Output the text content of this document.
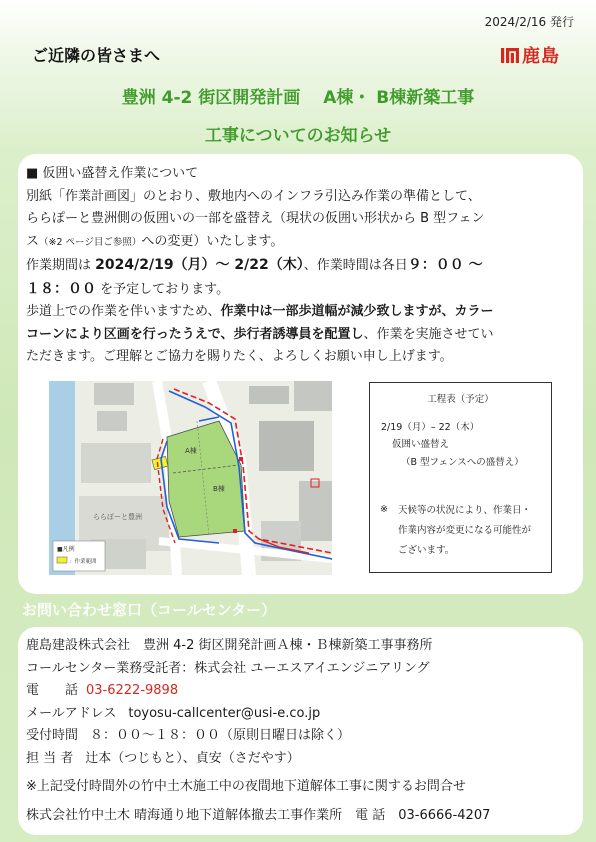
2024/2/16 発行
ご近隣の皆さまへ	鹿島
豊洲 4-2 街区開発計画　 A棟・ B棟新築工事
工事についてのお知らせ

■ 仮囲い盛替え作業について

別紙「作業計画図」のとおり、敷地内へのインフラ引込み作業の準備として、

ららぽーと豊洲側の仮囲いの一部を盛替え（現状の仮囲い形状から B 型フェン

ス（※2 ページ目ご参照）への変更）いたします。

作業期間は 2024/2/19（月）～ 2/22（木）、作業時間は各日９：００ ～

１８：００ を予定しております。

歩道上での作業を伴いますため、作業中は一部歩道幅が減少致しますが、カラー

コーンにより区画を行ったうえで、歩行者誘導員を配置し、作業を実施させてい

ただきます。ご理解とご協力を賜りたく、よろしくお願い申し上げます。

■凡例
：作業範囲
A棟
B棟
ららぽーと豊洲
工程表（予定）
2/19（月）– 22（木）
仮囲い盛替え
（B 型フェンスへの盛替え）
※ 天候等の状況により、作業日・
作業内容が変更になる可能性が
ございます。
お問い合わせ窓口（コールセンター）
鹿島建設株式会社　豊洲 4-2 街区開発計画Ａ棟・Ｂ棟新築工事事務所
コールセンター業務受託者：株式会社 ユーエスアイエンジニアリング
電　　話 03-6222-9898
メールアドレス toyosu-callcenter@usi-e.co.jp
受付時間 ８：００～１８：００（原則日曜日は除く）
担 当 者 辻本（つじもと）、貞安（さだやす）
※上記受付時間外の竹中土木施工中の夜間地下道解体工事に関するお問合せ
株式会社竹中土木 晴海通り地下道解体撤去工事作業所　電 話　03-6666-4207
